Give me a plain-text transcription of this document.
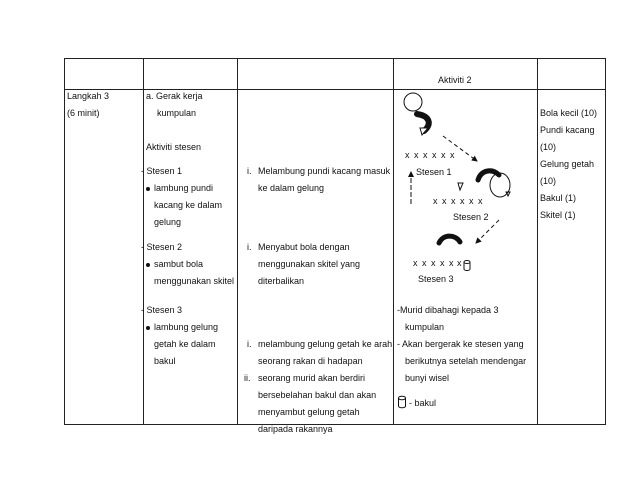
Aktiviti 2
Langkah 3
(6 minit)
a. Gerak kerja
kumpulan
Aktiviti stesen
- Stesen 1
lambung pundi
kacang ke dalam
gelung
- Stesen 2
sambut bola
menggunakan skitel
- Stesen 3
lambung gelung
getah ke dalam
bakul
i. Melambung pundi kacang masuk
ke dalam gelung
i. Menyabut bola dengan
menggunakan skitel yang
diterbalikan
i. melambung gelung getah ke arah
seorang rakan di hadapan
ii. seorang murid akan berdiri
bersebelahan bakul dan akan
menyambut gelung getah
daripada rakannya
x x x x x x
Stesen 1
x x x x x x
Stesen 2
x x x x x x
Stesen 3
-Murid dibahagi kepada 3
kumpulan
- Akan bergerak ke stesen yang
berikutnya setelah mendengar
bunyi wisel
- bakul
Bola kecil (10)
Pundi kacang
(10)
Gelung getah
(10)
Bakul (1)
Skitel (1)
